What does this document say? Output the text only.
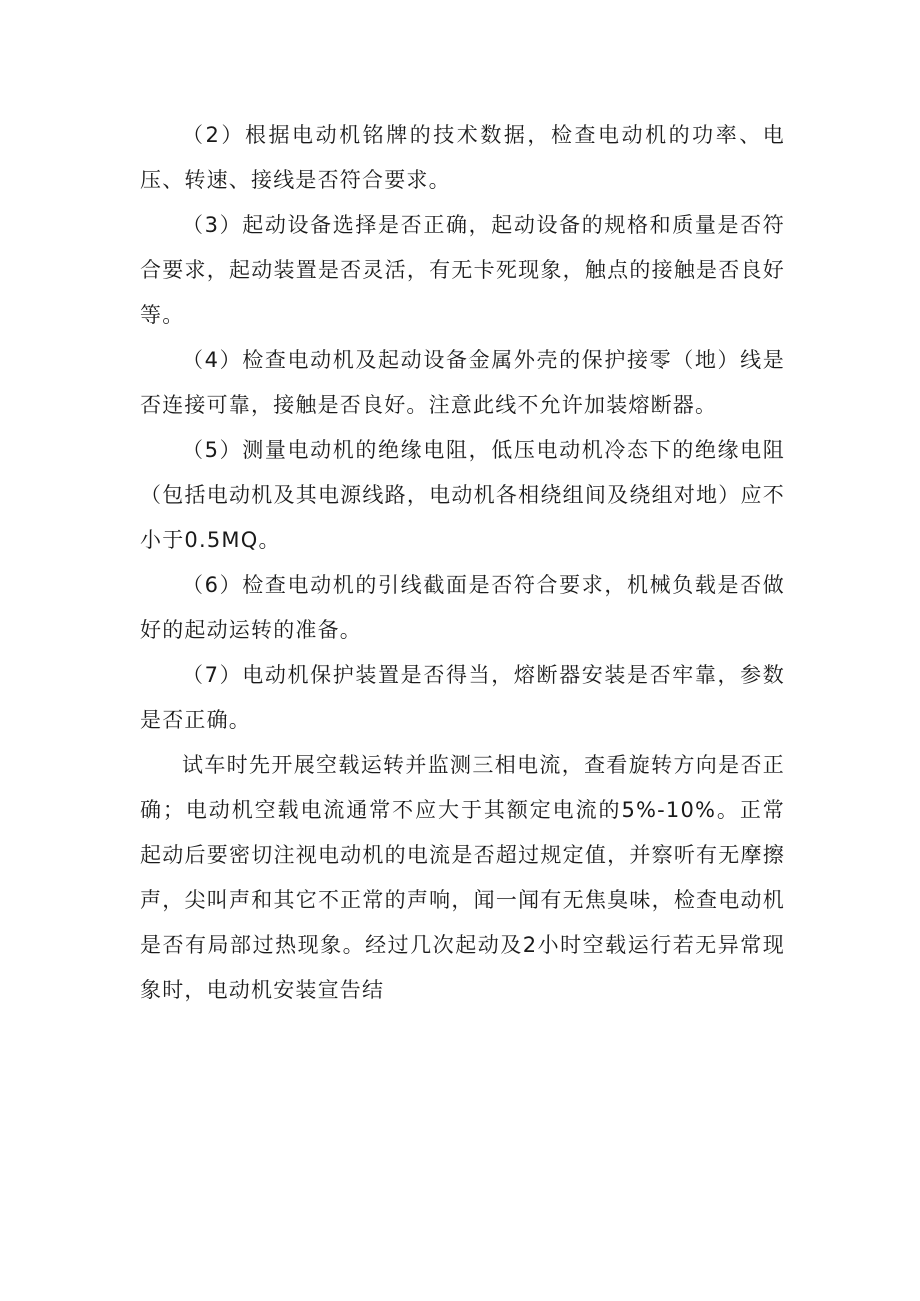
（2）根据电动机铭牌的技术数据，检查电动机的功率、电压、转速、接线是否符合要求。

（3）起动设备选择是否正确，起动设备的规格和质量是否符合要求，起动装置是否灵活，有无卡死现象，触点的接触是否良好等。

（4）检查电动机及起动设备金属外壳的保护接零（地）线是否连接可靠，接触是否良好。注意此线不允许加装熔断器。

（5）测量电动机的绝缘电阻，低压电动机冷态下的绝缘电阻（包括电动机及其电源线路，电动机各相绕组间及绕组对地）应不小于0.5MQ。

（6）检查电动机的引线截面是否符合要求，机械负载是否做好的起动运转的准备。

（7）电动机保护装置是否得当，熔断器安装是否牢靠，参数是否正确。

试车时先开展空载运转并监测三相电流，查看旋转方向是否正确；电动机空载电流通常不应大于其额定电流的5%-10%。正常起动后要密切注视电动机的电流是否超过规定值，并察听有无摩擦声，尖叫声和其它不正常的声响，闻一闻有无焦臭味，检查电动机是否有局部过热现象。经过几次起动及2小时空载运行若无异常现象时，电动机安装宣告结
